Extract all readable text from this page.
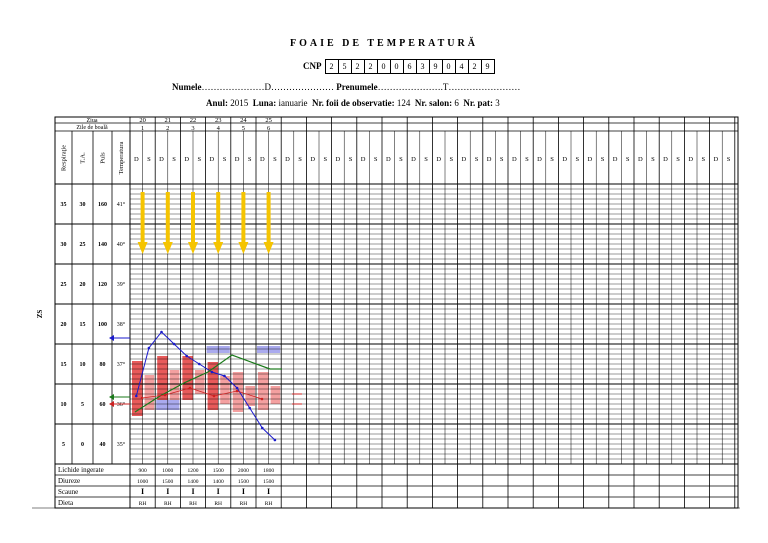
FOAIE DE TEMPERATURĂ
CNP	2	5	2	2	0	0	6	3	9	0	4	2	9
Numele…………………D………………… Prenumele………………….T……………………
Anul: 2015 Luna: ianuarie Nr. foii de observatie: 124 Nr. salon: 6 Nr. pat: 3
Ziua
Zile de boală
20	21	22	23	24	25
1	2	3	4	5	6
D S D S D S D S D S D S D S D S D S D S D S D S D S D S D S D S D S D S D S D S D S D S D S D S
Respiraţie T.A. Puls Temperatura
35 30 160 41°
30 25 140 40°
25 20 120 39°
20 15 100 38°
15 10 80 37°
10 5	60 36°
5	0	40 35°
ZS
Lichide ingerate	900	1000	1200	1500	2000	1800
Diureze	1000	1500	1400	1400	1500	1500
Scaune	I	I	I	I	I	I
Dieta	RH	RH	RH	RH	RH	RH
